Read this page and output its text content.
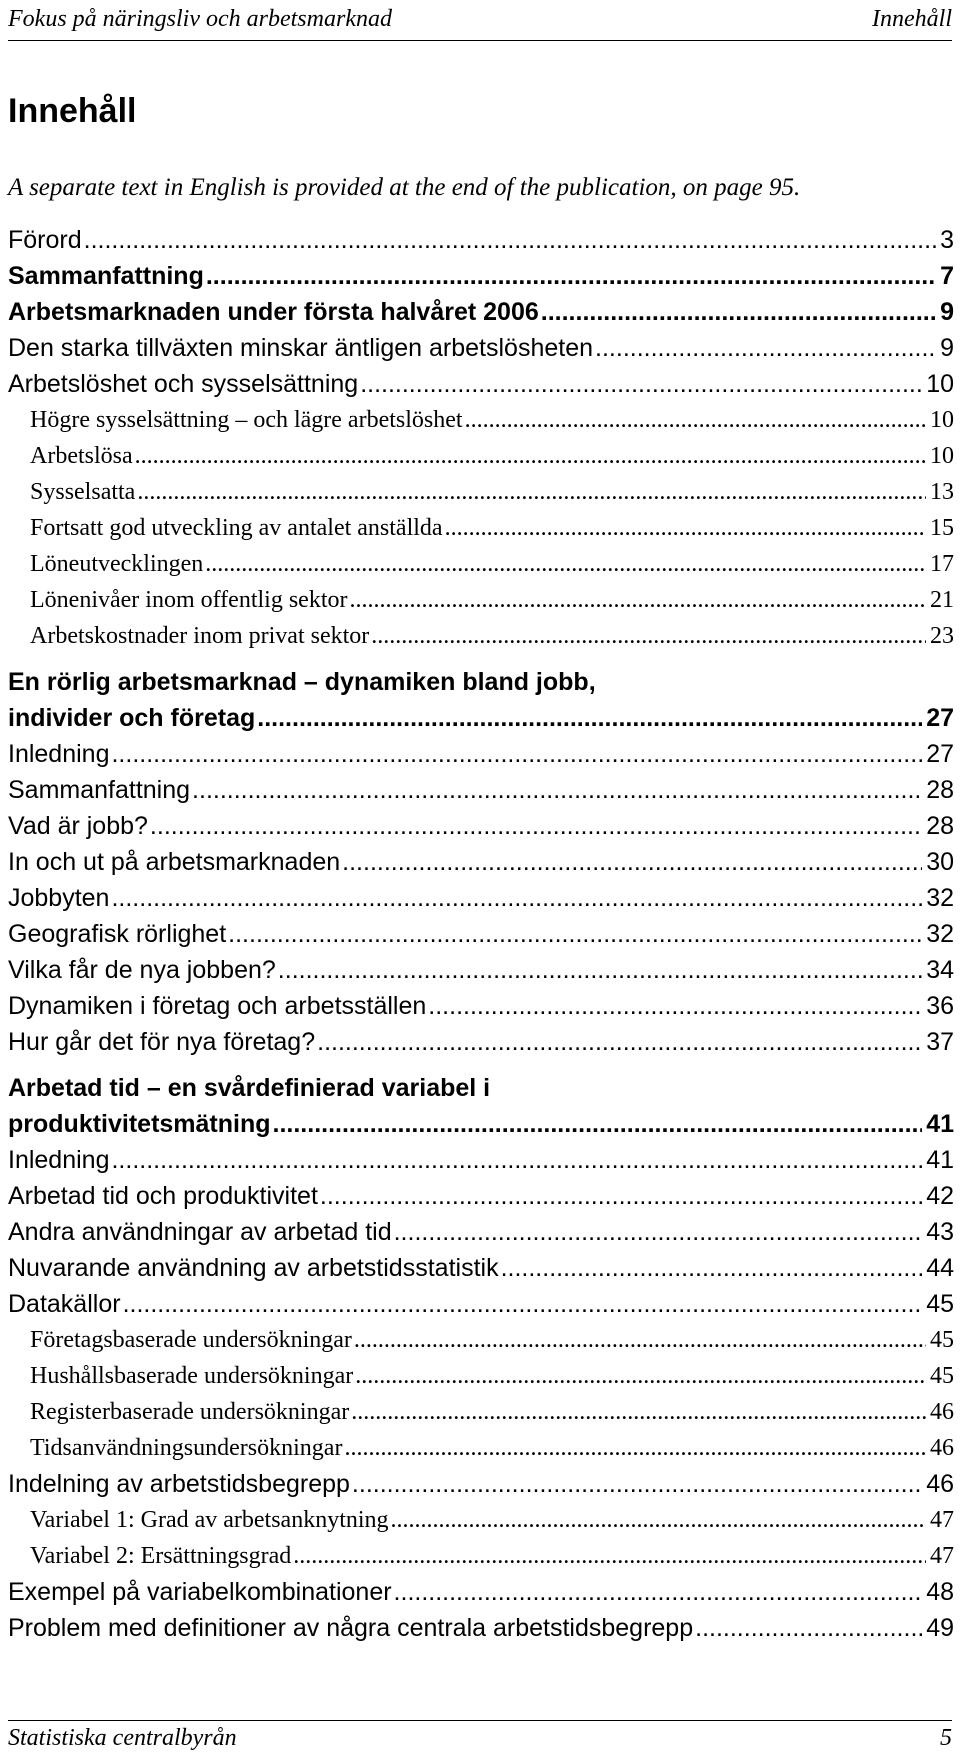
Fokus på näringsliv och arbetsmarknad	Innehåll
Innehåll

A separate text in English is provided at the end of the publication, on page 95.

Förord .....	3
Sammanfattning .....	7
Arbetsmarknaden under första halvåret 2006 .....	9
Den starka tillväxten minskar äntligen arbetslösheten .....	9
Arbetslöshet och sysselsättning .....	10
Högre sysselsättning – och lägre arbetslöshet .....	10
Arbetslösa .....	10
Sysselsatta .....	13
Fortsatt god utveckling av antalet anställda .....	15
Löneutvecklingen .....	17
Lönenivåer inom offentlig sektor .....	21
Arbetskostnader inom privat sektor .....	23
En rörlig arbetsmarknad – dynamiken bland jobb,
individer och företag .....	27
Inledning .....	27
Sammanfattning .....	28
Vad är jobb? .....	28
In och ut på arbetsmarknaden .....	30
Jobbyten .....	32
Geografisk rörlighet .....	32
Vilka får de nya jobben? .....	34
Dynamiken i företag och arbetsställen .....	36
Hur går det för nya företag? .....	37
Arbetad tid – en svårdefinierad variabel i
produktivitetsmätning .....	41
Inledning .....	41
Arbetad tid och produktivitet .....	42
Andra användningar av arbetad tid .....	43
Nuvarande användning av arbetstidsstatistik .....	44
Datakällor .....	45
Företagsbaserade undersökningar .....	45
Hushållsbaserade undersökningar .....	45
Registerbaserade undersökningar .....	46
Tidsanvändningsundersökningar .....	46
Indelning av arbetstidsbegrepp .....	46
Variabel 1: Grad av arbetsanknytning .....	47
Variabel 2: Ersättningsgrad .....	47
Exempel på variabelkombinationer .....	48
Problem med definitioner av några centrala arbetstidsbegrepp .....	49
Statistiska centralbyrån	5
